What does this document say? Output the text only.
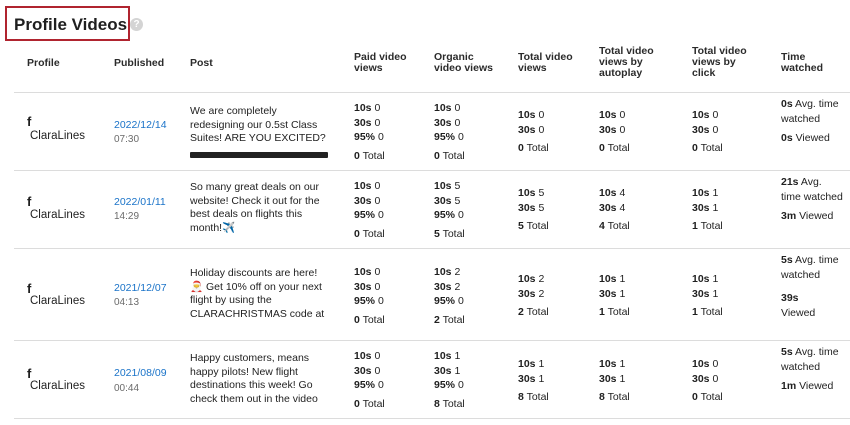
Profile Videos ?
Profile	Published Post	Paid video views
Organic video views
Total video views
Total video views by autoplay
Total video views by click
Time watched
f
ClaraLines
2022/12/14
07:30
We are completely redesigning our 0.5st Class Suites! ARE YOU EXCITED?
10s 0
30s 0
95% 0
0 Total
10s 0
30s 0
95% 0
0 Total
10s 0
30s 0
0 Total
10s 0
30s 0
0 Total
10s 0
30s 0
0 Total
0s Avg. time watched
0s Viewed
f
ClaraLines
2022/01/11
14:29
So many great deals on our website! Check it out for the best deals on flights this month!✈️
10s 0
30s 0
95% 0
0 Total
10s 5
30s 5
95% 0
5 Total
10s 5
30s 5
5 Total
10s 4
30s 4
4 Total
10s 1
30s 1
1 Total
21s Avg. time watched
3m Viewed
f
ClaraLines
2021/12/07
04:13
Holiday discounts are here! 🎅 Get 10% off on your next flight by using the CLARACHRISTMAS code at
10s 0
30s 0
95% 0
0 Total
10s 2
30s 2
95% 0
2 Total
10s 2
30s 2
2 Total
10s 1
30s 1
1 Total
10s 1
30s 1
1 Total
5s Avg. time watched
39s
Viewed
f
ClaraLines
2021/08/09
00:44
Happy customers, means happy pilots! New flight destinations this week! Go check them out in the video
10s 0
30s 0
95% 0
0 Total
10s 1
30s 1
95% 0
8 Total
10s 1
30s 1
8 Total
10s 1
30s 1
8 Total
10s 0
30s 0
0 Total
5s Avg. time watched
1m Viewed
